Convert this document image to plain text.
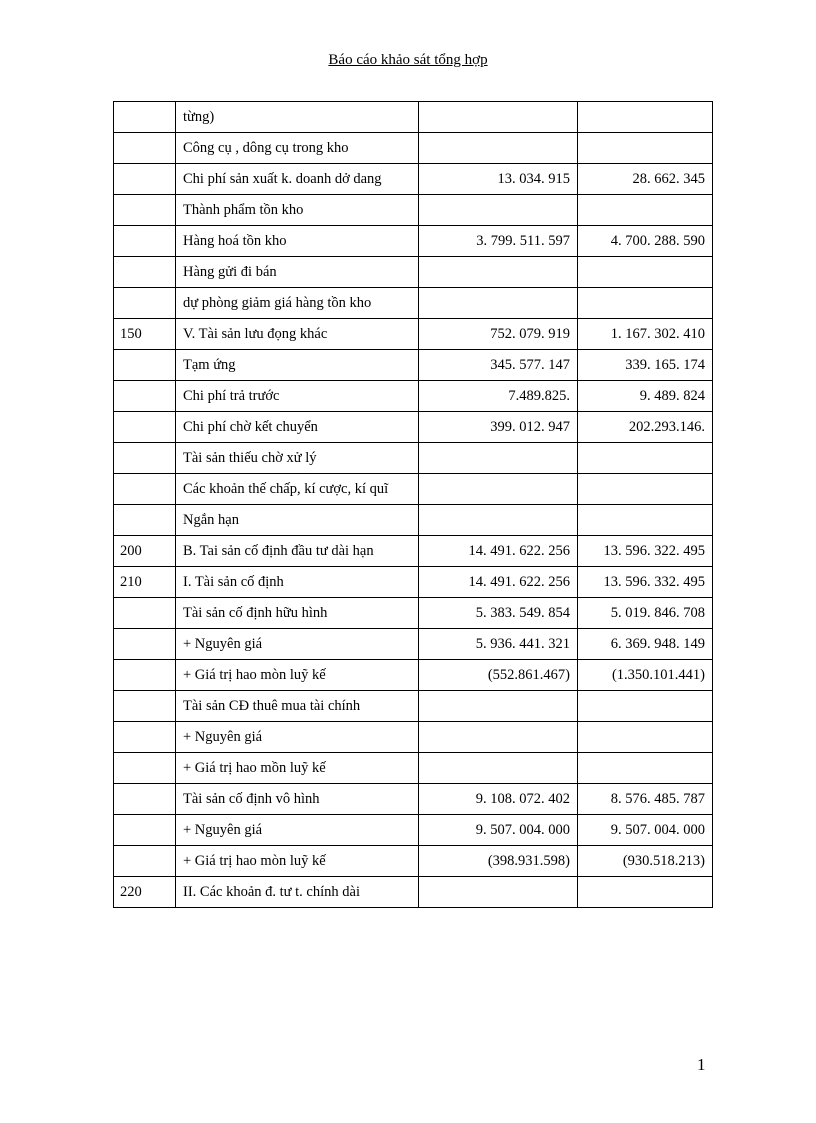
Báo cáo khảo sát tổng hợp
	từng)		
	Công cụ , dông cụ trong kho		
	Chi phí sản xuất k. doanh dở dang	13. 034. 915	28. 662. 345
	Thành phẩm tồn kho		
	Hàng hoá tồn kho	3. 799. 511. 597	4. 700. 288. 590
	Hàng gửi đi bán		
	dự phòng giảm giá hàng tồn kho		
150	V. Tài sản lưu đọng khác	752. 079. 919	1. 167. 302. 410
	Tạm ứng	345. 577. 147	339. 165. 174
	Chi phí trả trước	7.489.825.	9. 489. 824
	Chi phí chờ kết chuyển	399. 012. 947	202.293.146.
	Tài sản thiếu chờ xử lý		
	Các khoản thế chấp, kí cược, kí quĩ		
	Ngắn hạn		
200	B. Tai sản cố định đầu tư dài hạn	14. 491. 622. 256	13. 596. 322. 495
210	I. Tài sản cố định	14. 491. 622. 256	13. 596. 332. 495
	Tài sản cố định hữu hình	5. 383. 549. 854	5. 019. 846. 708
	+ Nguyên giá	5. 936. 441. 321	6. 369. 948. 149
	+ Giá trị hao mòn luỹ kế	(552.861.467)	(1.350.101.441)
	Tài sản CĐ thuê mua tài chính		
	+ Nguyên giá		
	+ Giá trị hao mồn luỹ kế		
	Tài sản cố định vô hình	9. 108. 072. 402	8. 576. 485. 787
	+ Nguyên giá	9. 507. 004. 000	9. 507. 004. 000
	+ Giá trị hao mòn luỹ kế	(398.931.598)	(930.518.213)
220	II. Các khoản đ. tư t. chính dài		
1
